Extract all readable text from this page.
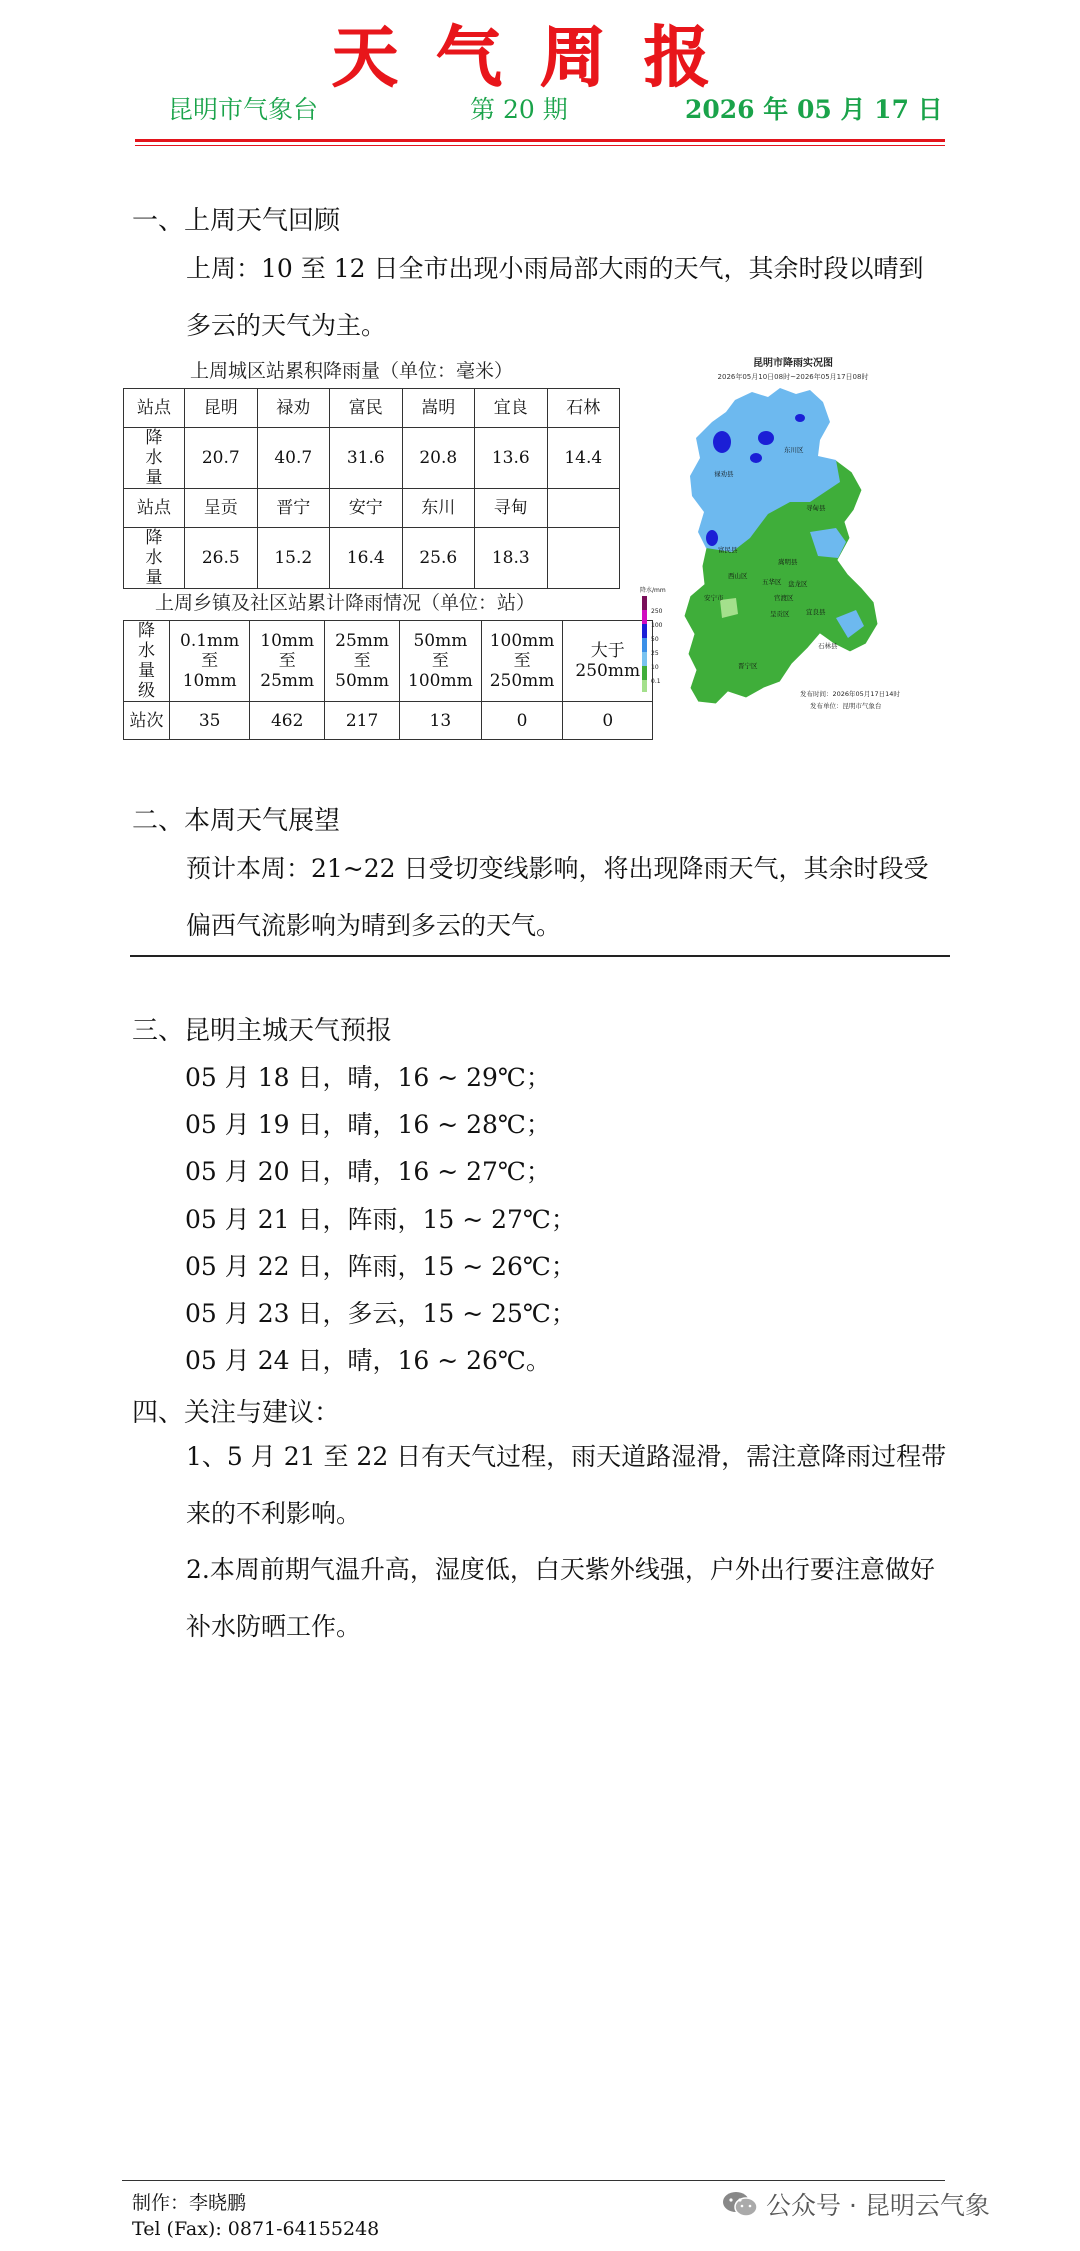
天气周报
昆明市气象台	第 20 期	2026 年 05 月 17 日
一、上周天气回顾
上周：10 至 12 日全市出现小雨局部大雨的天气，其余时段以晴到多云的天气为主。
上周城区站累积降雨量（单位：毫米）
站点	昆明	禄劝	富民	嵩明	宜良	石林
降水量	20.7	40.7	31.6	20.8	13.6	14.4
站点	呈贡	晋宁	安宁	东川	寻甸	
降水量	26.5	15.2	16.4	25.6	18.3	
上周乡镇及社区站累计降雨情况（单位：站）
降水量级	0.1mm至10mm	10mm至25mm	25mm至50mm	50mm至100mm	100mm至250mm	大于250mm
站次	35	462	217	13	0	0
昆明市降雨实况图
2026年05月10日08时~2026年05月17日08时
禄劝县
东川区
寻甸县
富民县
嵩明县
西山区
五华区 盘龙区
官渡区
安宁市
呈贡区	宜良县
晋宁区
石林县
降水/mm
250
100
50
25
10
0.1
发布时间：2026年05月17日14时
发布单位：昆明市气象台
二、本周天气展望
预计本周：21~22 日受切变线影响，将出现降雨天气，其余时段受偏西气流影响为晴到多云的天气。
三、昆明主城天气预报
05 月 18 日，晴，16 ~ 29℃；
05 月 19 日，晴，16 ~ 28℃；
05 月 20 日，晴，16 ~ 27℃；
05 月 21 日，阵雨，15 ~ 27℃；
05 月 22 日，阵雨，15 ~ 26℃；
05 月 23 日，多云，15 ~ 25℃；
05 月 24 日，晴，16 ~ 26℃。
四、关注与建议：
1、5 月 21 至 22 日有天气过程，雨天道路湿滑，需注意降雨过程带来的不利影响。
2.本周前期气温升高，湿度低，白天紫外线强，户外出行要注意做好补水防晒工作。
制作：李晓鹏
Tel (Fax): 0871-64155248
公众号 · 昆明云气象
